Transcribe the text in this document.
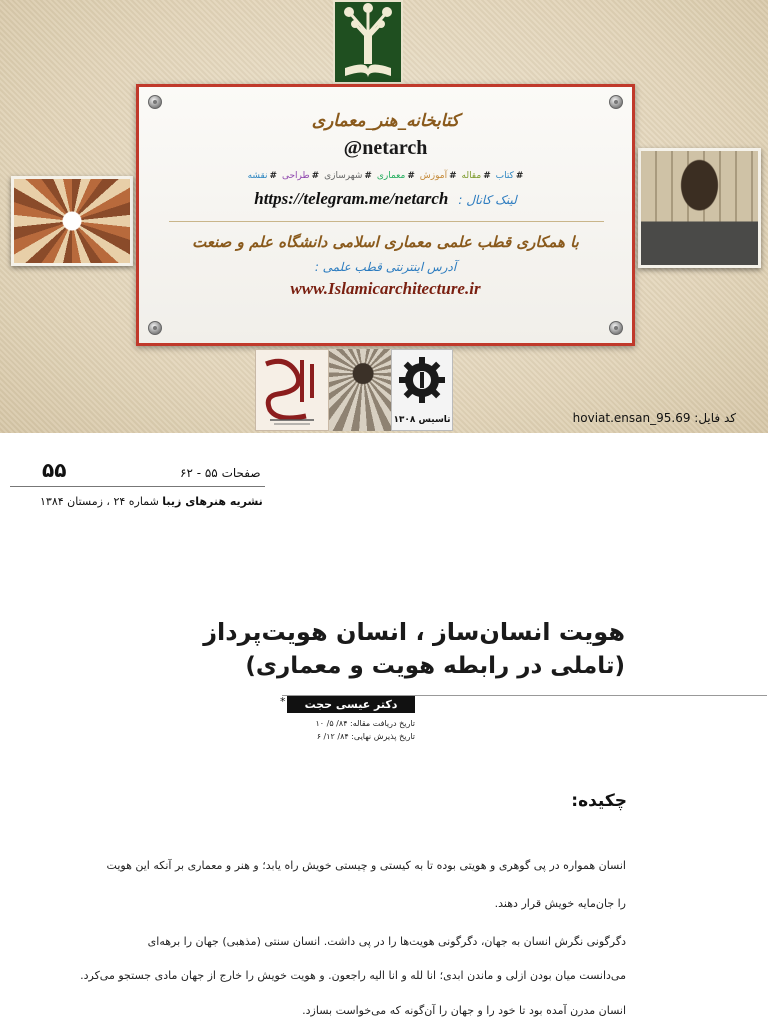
کتابخانه_هنر_معماری
@netarch
#کتاب #مقاله #آموزش #معماری #شهرسازی #طراحی #نقشه
https://telegram.me/netarch : لینک کانال
با همکاری قطب علمی معماری اسلامی دانشگاه علم و صنعت
: آدرس اینترنتی قطب علمی
www.Islamicarchitecture.ir
تاسیس ۱۳۰۸	کد فایل: hoviat.ensan_95.69
۵۵	صفحات ۵۵ - ۶۲
نشریه هنرهای زیبا شماره ۲۴ ، زمستان ۱۳۸۴
هویت انسان‌ساز ، انسان هویت‌پرداز
(تاملی در رابطه هویت و معماری)
*	دکتر عیسی حجت
تاریخ دریافت مقاله: ۸۴/ ۵/ ۱۰
تاریخ پذیرش نهایی: ۸۴/ ۱۲/ ۶
چکیده:
انسان همواره در پی گوهری و هویتی بوده تا به کیستی و چیستی خویش راه یابد؛ و هنر و معماری بر آنکه این هویت
را جان‌مایه خویش قرار دهند.
دگرگونی نگرش انسان به جهان، دگرگونی هویت‌ها را در پی داشت. انسان سنتی (مذهبی) جهان را برهه‌ای
می‌دانست میان بودن ازلی و ماندن ابدی؛ انا لله و انا الیه راجعون. و هویت خویش را خارج از جهان مادی جستجو می‌کرد.
انسان مدرن آمده بود تا خود را و جهان را آن‌گونه که می‌خواست بسازد.
